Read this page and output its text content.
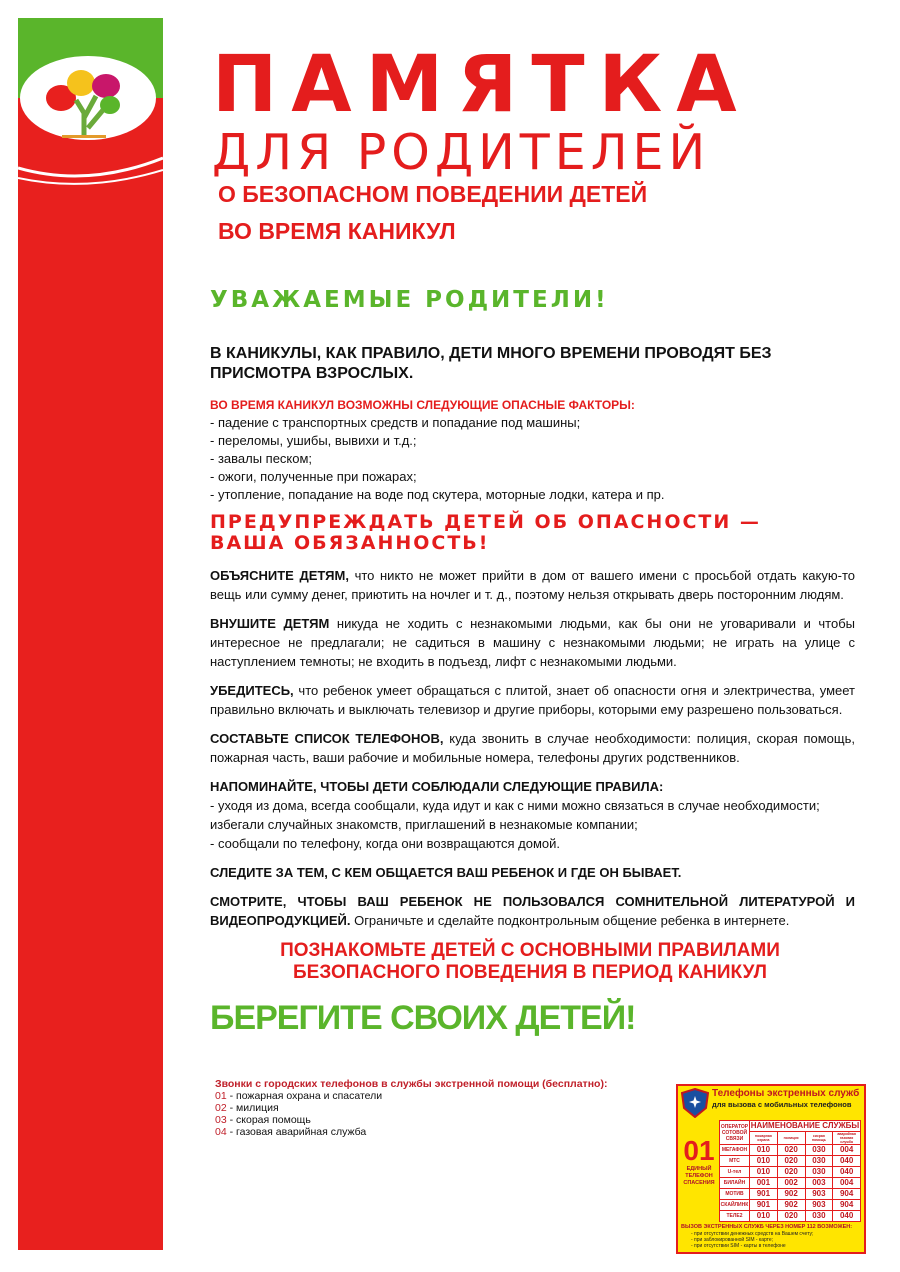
ПАМЯТКА
ДЛЯ РОДИТЕЛЕЙ
О БЕЗОПАСНОМ ПОВЕДЕНИИ ДЕТЕЙ
ВО ВРЕМЯ КАНИКУЛ
УВАЖАЕМЫЕ РОДИТЕЛИ!
В КАНИКУЛЫ, КАК ПРАВИЛО, ДЕТИ МНОГО ВРЕМЕНИ ПРОВОДЯТ БЕЗ ПРИСМОТРА ВЗРОСЛЫХ.
ВО ВРЕМЯ КАНИКУЛ ВОЗМОЖНЫ СЛЕДУЮЩИЕ ОПАСНЫЕ ФАКТОРЫ:
- падение с транспортных средств и попадание под машины;
- переломы, ушибы, вывихи и т.д.;
- завалы песком;
- ожоги, полученные при пожарах;
- утопление, попадание на воде под скутера, моторные лодки, катера и пр.
ПРЕДУПРЕЖДАТЬ ДЕТЕЙ ОБ ОПАСНОСТИ —
ВАША ОБЯЗАННОСТЬ!
ОБЪЯСНИТЕ ДЕТЯМ, что никто не может прийти в дом от вашего имени с просьбой отдать какую-то вещь или сумму денег, приютить на ночлег и т. д., поэтому нельзя открывать дверь посторонним людям.
ВНУШИТЕ ДЕТЯМ никуда не ходить с незнакомыми людьми, как бы они не уговаривали и чтобы интересное не предлагали; не садиться в машину с незнакомыми людьми; не играть на улице с наступлением темноты; не входить в подъезд, лифт с незнакомыми людьми.
УБЕДИТЕСЬ, что ребенок умеет обращаться с плитой, знает об опасности огня и электричества, умеет правильно включать и выключать телевизор и другие приборы, которыми ему разрешено пользоваться.
СОСТАВЬТЕ СПИСОК ТЕЛЕФОНОВ, куда звонить в случае необходимости: полиция, скорая помощь, пожарная часть, ваши рабочие и мобильные номера, телефоны других родственников.
НАПОМИНАЙТЕ, ЧТОБЫ ДЕТИ СОБЛЮДАЛИ СЛЕДУЮЩИЕ ПРАВИЛА:
- уходя из дома, всегда сообщали, куда идут и как с ними можно связаться в случае необходимости;
избегали случайных знакомств, приглашений в незнакомые компании;
- сообщали по телефону, когда они возвращаются домой.
СЛЕДИТЕ ЗА ТЕМ, С КЕМ ОБЩАЕТСЯ ВАШ РЕБЕНОК И ГДЕ ОН БЫВАЕТ.
СМОТРИТЕ, ЧТОБЫ ВАШ РЕБЕНОК НЕ ПОЛЬЗОВАЛСЯ СОМНИТЕЛЬНОЙ ЛИТЕРАТУРОЙ И ВИДЕОПРОДУКЦИЕЙ. Ограничьте и сделайте подконтрольным общение ребенка в интернете.
ПОЗНАКОМЬТЕ ДЕТЕЙ С ОСНОВНЫМИ ПРАВИЛАМИ
БЕЗОПАСНОГО ПОВЕДЕНИЯ В ПЕРИОД КАНИКУЛ
БЕРЕГИТЕ СВОИХ ДЕТЕЙ!
Звонки с городских телефонов в службы экстренной помощи (бесплатно):
01 - пожарная охрана и спасатели
02 - милиция
03 - скорая помощь
04 - газовая аварийная служба
Телефоны экстренных служб
для вызова с мобильных телефонов
01
ЕДИНЫЙ ТЕЛЕФОН СПАСЕНИЯ
ОПЕРАТОР СОТОВОЙ СВЯЗИ	НАИМЕНОВАНИЕ СЛУЖБЫ			
	пожарная охрана	полиция	скорая помощь	аварийная газовая служба
МЕГАФОН	010	020	030	004
МТС	010	020	030	040
U-тел	010	020	030	040
БИЛАЙН	001	002	003	004
МОТИВ	901	902	903	904
СКАЙЛИНК	901	902	903	904
ТЕЛЕ2	010	020	030	040
ВЫЗОВ ЭКСТРЕННЫХ СЛУЖБ ЧЕРЕЗ НОМЕР 112 ВОЗМОЖЕН:
- при отсутствии денежных средств на Вашем счету;
- при заблокированной SIM - карте;
- при отсутствии SIM - карты в телефоне
